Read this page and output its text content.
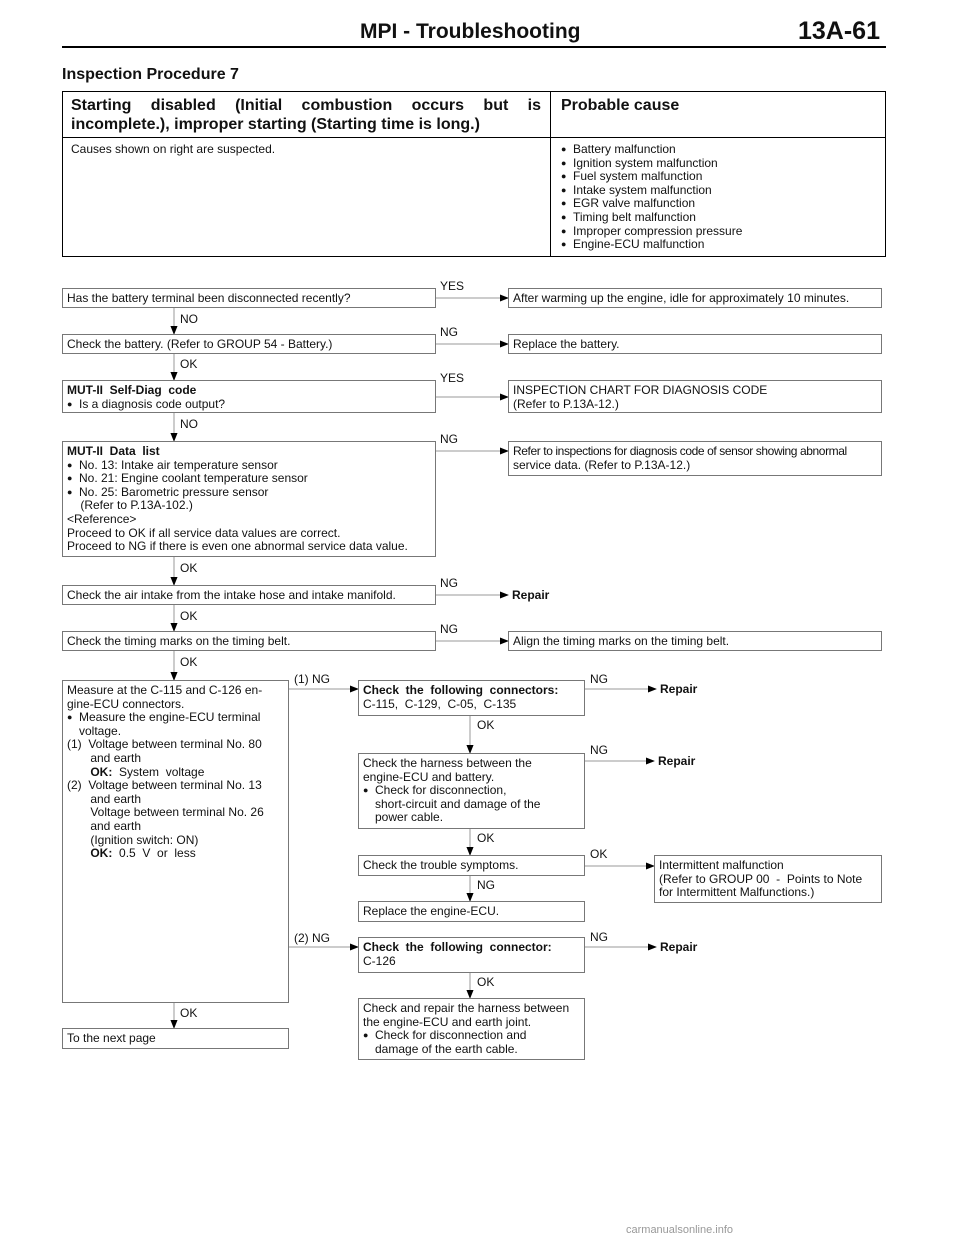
MPI - Troubleshooting	13A-61
Inspection Procedure 7
Starting disabled (Initial combustion occurs but is incomplete.), improper starting (Starting time is long.)
Probable cause
Causes shown on right are suspected.
●	Battery malfunction
● Ignition system malfunction
● Fuel system malfunction
● Intake system malfunction
● EGR valve malfunction
● Timing belt malfunction
● Improper compression pressure
● Engine-ECU malfunction
Has the battery terminal been disconnected recently?	After warming up the engine, idle for approximately 10 minutes.
YES
NO
Check the battery. (Refer to GROUP 54 - Battery.)	Replace the battery.
NG
OK
MUT-II  Self-Diag  code
● Is a diagnosis code output?
INSPECTION CHART FOR DIAGNOSIS CODE
(Refer to P.13A-12.)
YES
NO
MUT-II  Data  list
● No. 13: Intake air temperature sensor
● No. 21: Engine coolant temperature sensor
● No. 25: Barometric pressure sensor
(Refer to P.13A-102.)
<Reference>
Proceed to OK if all service data values are correct.
Proceed to NG if there is even one abnormal service data value.
Refer to inspections for diagnosis code of sensor showing abnormal
service data. (Refer to P.13A-12.)
NG
OK
Check the air intake from the intake hose and intake manifold.	Repair
NG
OK
Check the timing marks on the timing belt.	Align the timing marks on the timing belt.
NG
OK
Measure at the C-115 and C-126 en-
gine-ECU connectors.
● Measure the engine-ECU terminal
voltage.
(1)  Voltage between terminal No. 80
and earth
OK: System  voltage
(2)  Voltage between terminal No. 13
and earth
Voltage between terminal No. 26
and earth
(Ignition switch: ON)
OK: 0.5  V  or  less
(1) NG
(2) NG
OK
Check  the  following  connectors:
C-115,  C-129,  C-05,  C-135
NG
Repair
OK
Check the harness between the
engine-ECU and battery.
● Check for disconnection,
short-circuit and damage of the
power cable.
NG
Repair
OK
Check the trouble symptoms.
OK
Intermittent malfunction
(Refer to GROUP 00  -  Points to Note
for Intermittent Malfunctions.)
NG
Replace the engine-ECU.
Check  the  following  connector:
C-126
NG
Repair
OK
Check and repair the harness between
the engine-ECU and earth joint.
● Check for disconnection and
damage of the earth cable.
To the next page
carmanualsonline.info
